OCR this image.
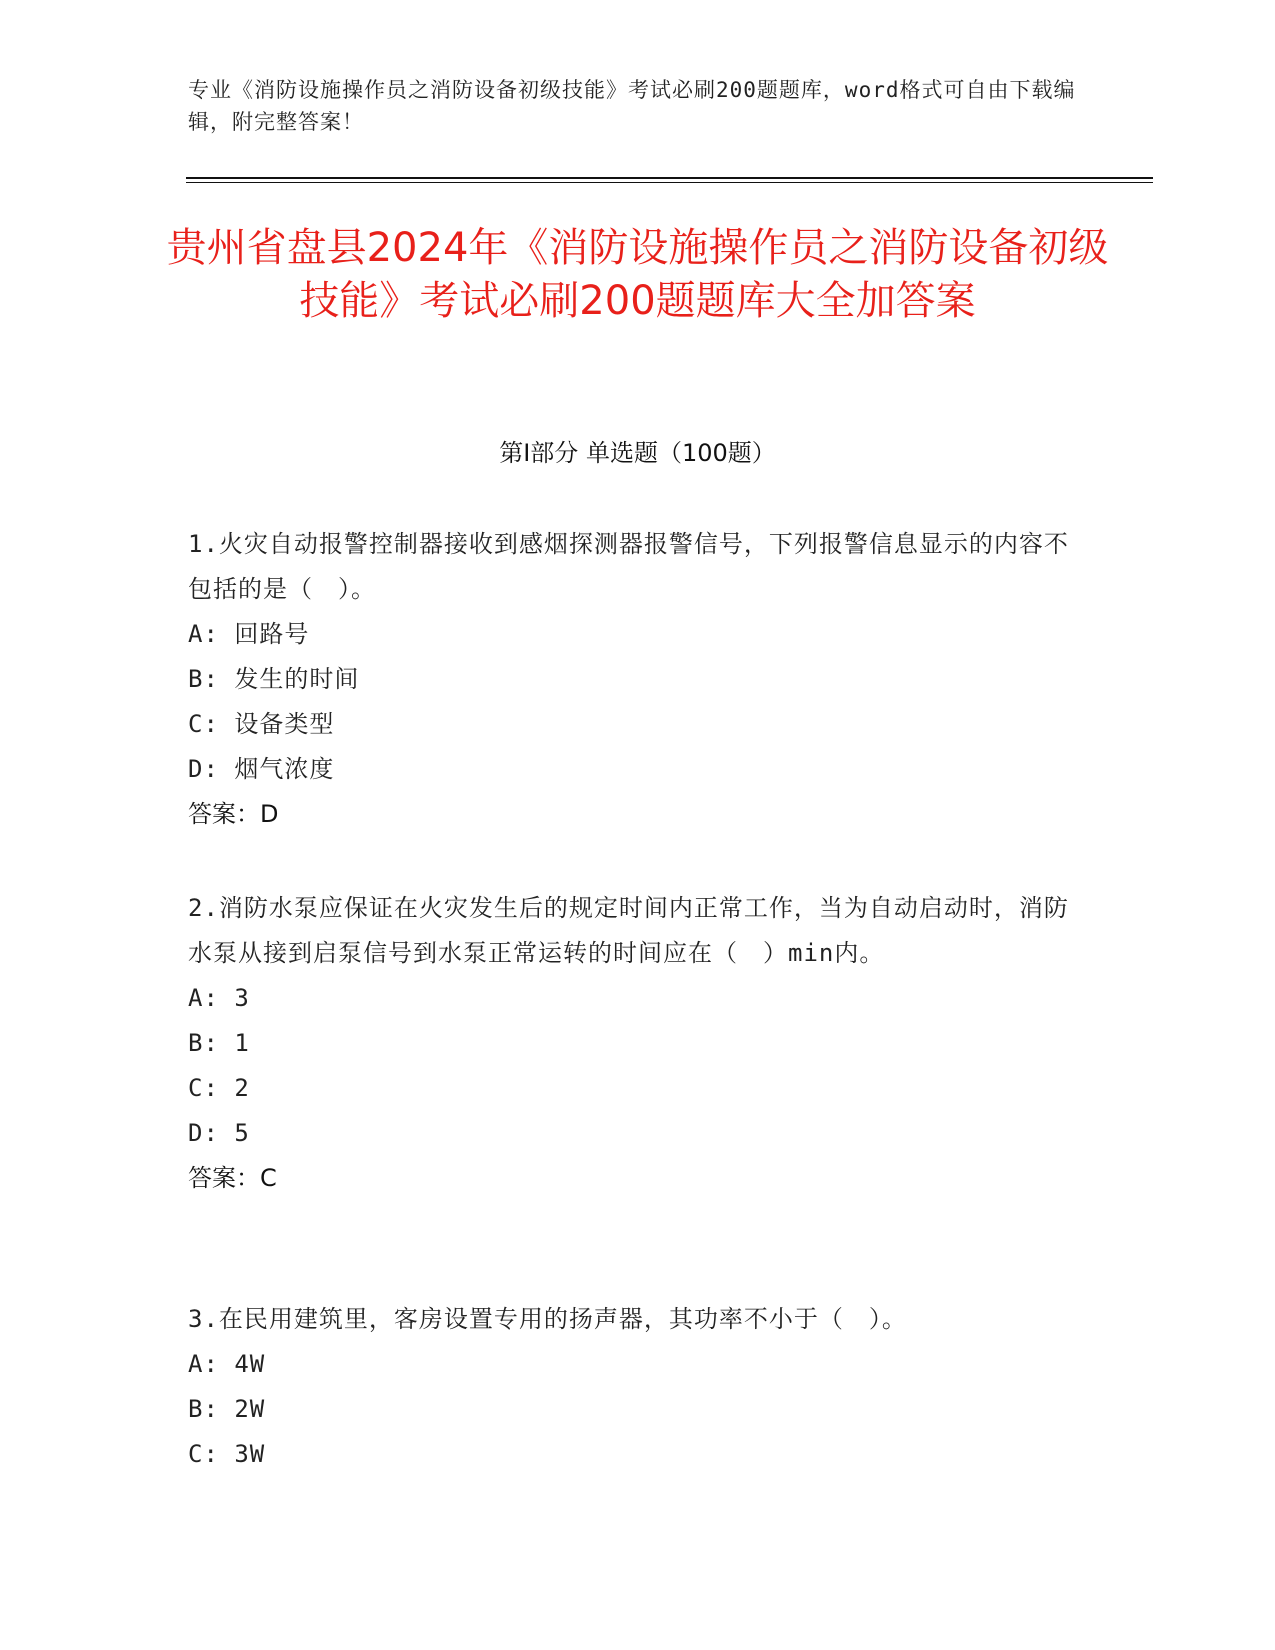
专业《消防设施操作员之消防设备初级技能》考试必刷200题题库，word格式可自由下载编辑，附完整答案！
贵州省盘县2024年《消防设施操作员之消防设备初级技能》考试必刷200题题库大全加答案
第I部分 单选题（100题）
1.火灾自动报警控制器接收到感烟探测器报警信号，下列报警信息显示的内容不包括的是（　）。
A: 回路号
B: 发生的时间
C: 设备类型
D: 烟气浓度
答案：D
2.消防水泵应保证在火灾发生后的规定时间内正常工作，当为自动启动时，消防水泵从接到启泵信号到水泵正常运转的时间应在（　）min内。
A: 3
B: 1
C: 2
D: 5
答案：C
3.在民用建筑里，客房设置专用的扬声器，其功率不小于（　）。
A: 4W
B: 2W
C: 3W
